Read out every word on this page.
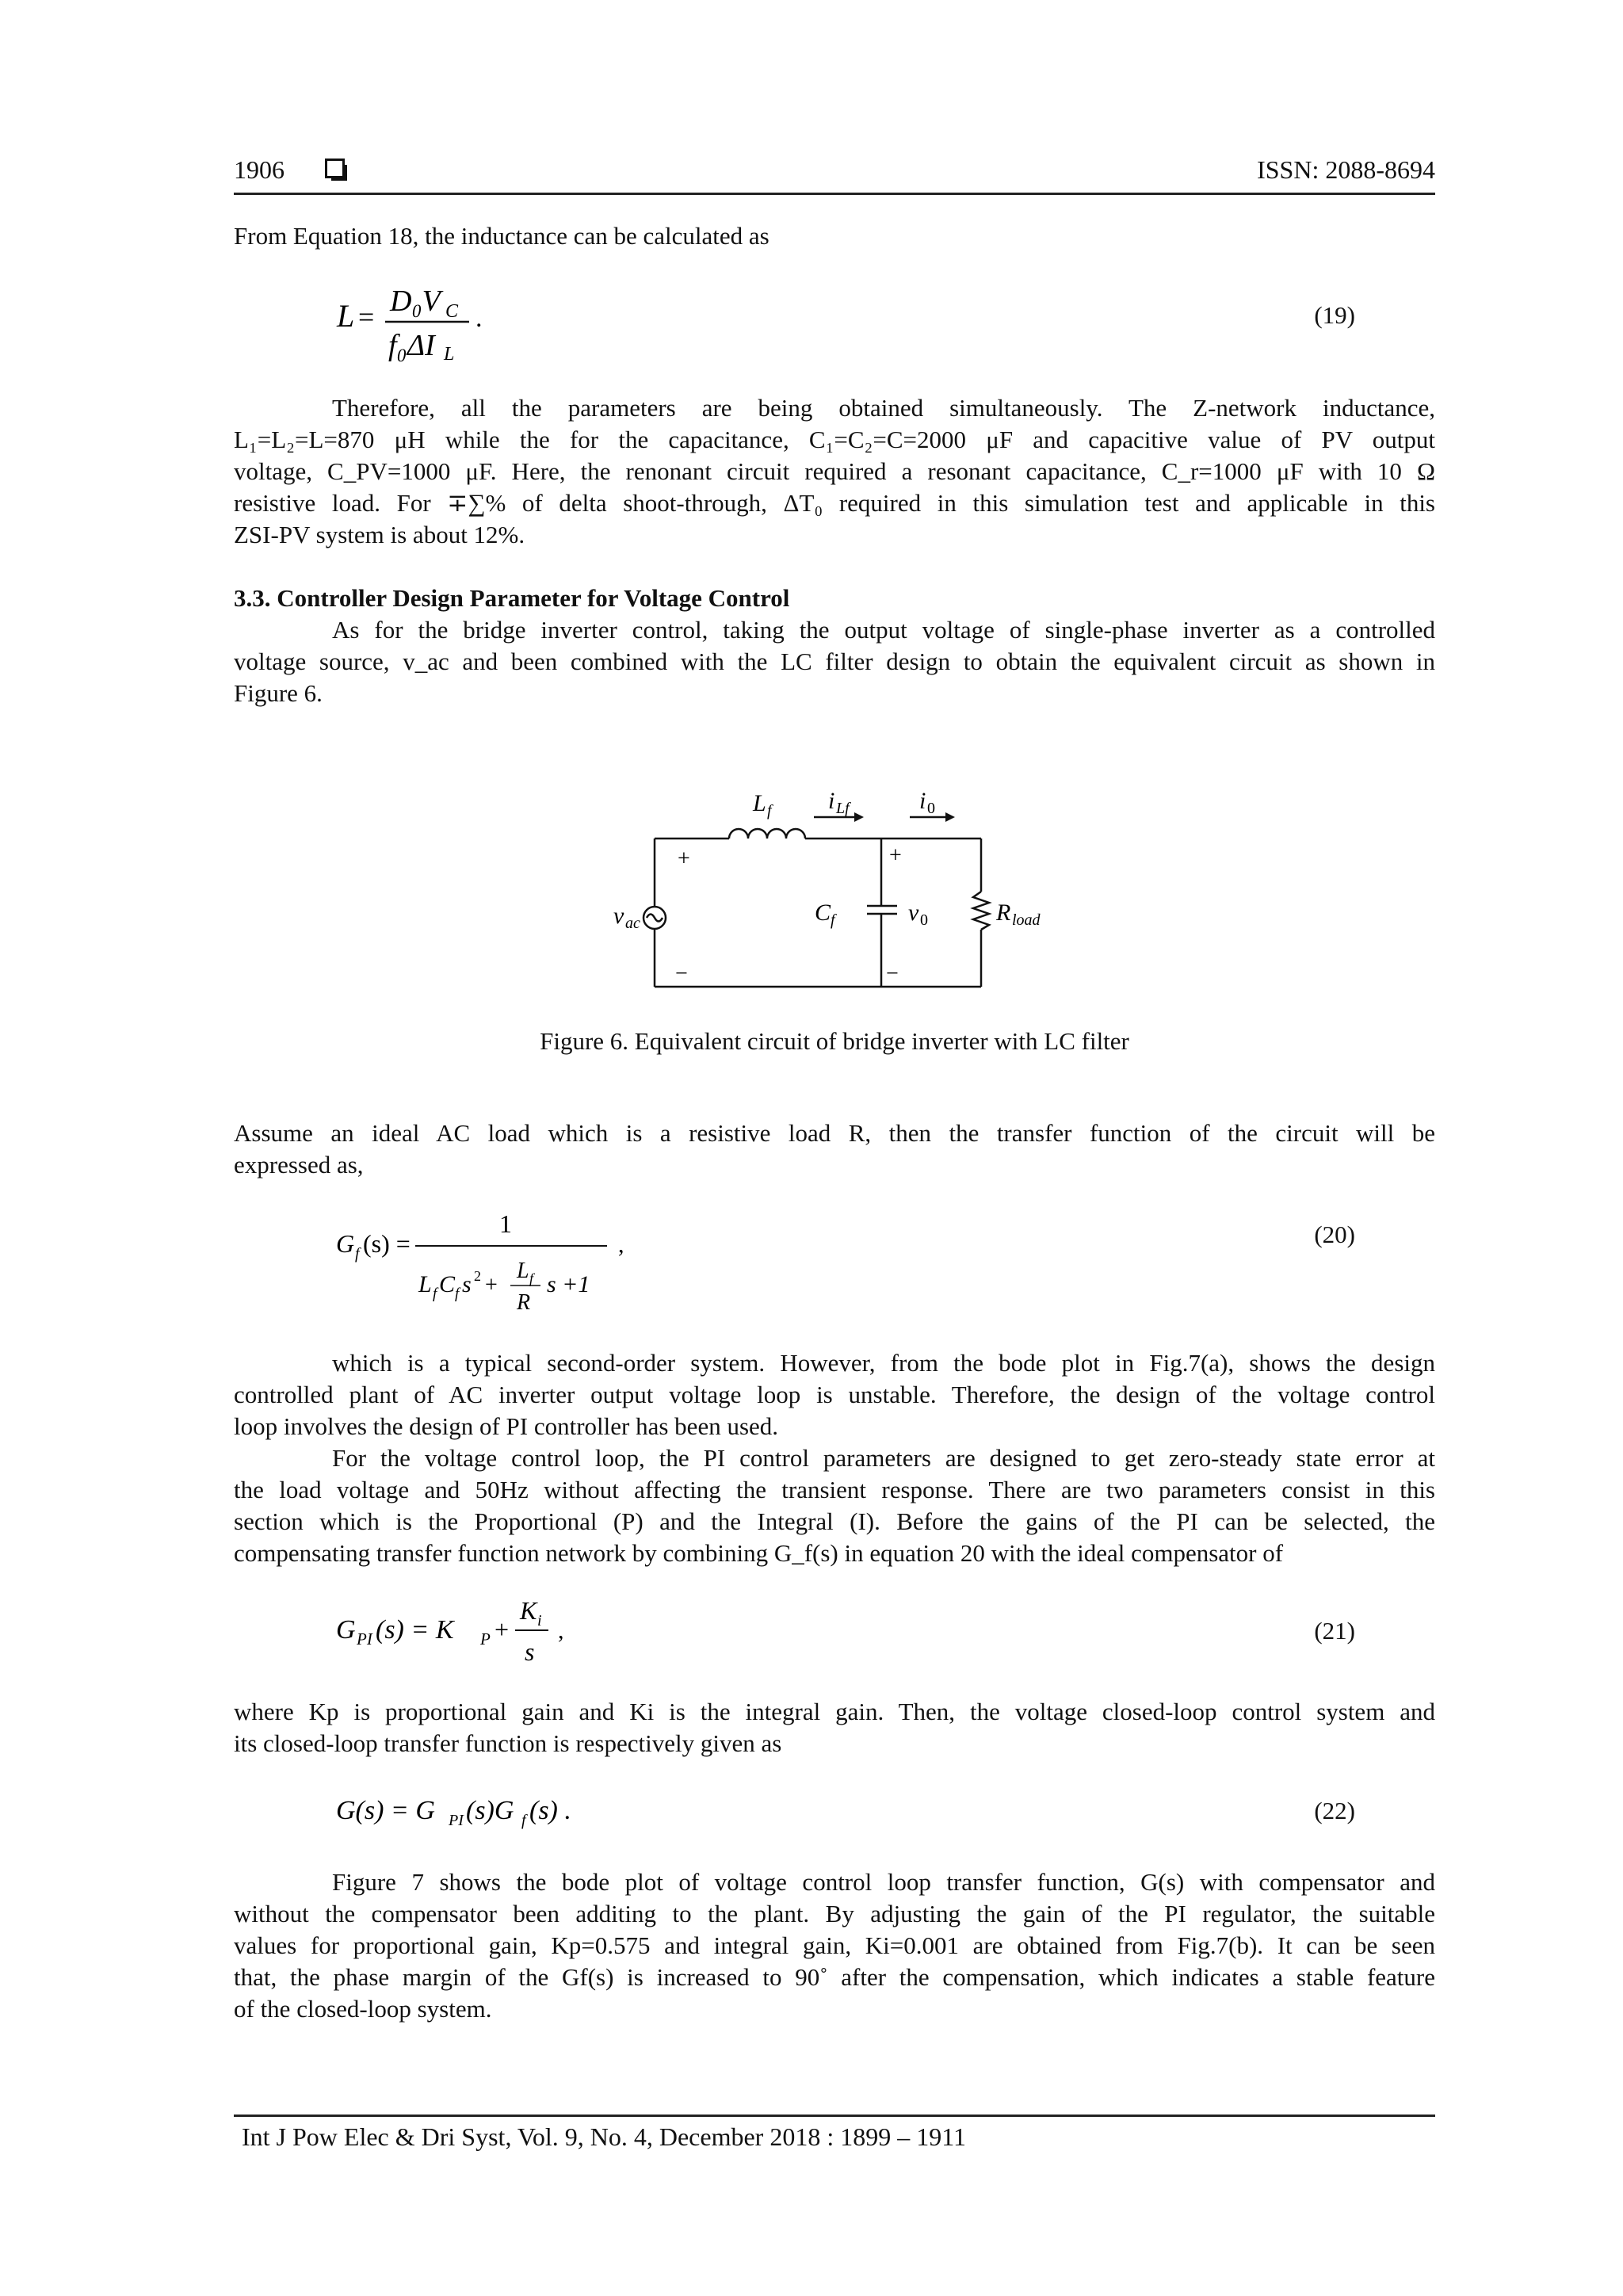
1906	ISSN: 2088-8694
From Equation 18, the inductance can be calculated as
L = D₀V C
f₀ΔI L
.	(19)

Therefore, all the parameters are being obtained simultaneously. The Z-network inductance,

L₁=L₂=L=870 μH while the for the capacitance, C₁=C₂=C=2000 μF and capacitive value of PV output

voltage, C_PV=1000 μF. Here, the renonant circuit required a resonant capacitance, C_r=1000 μF with 10 Ω

resistive load. For ∓∑% of delta shoot-through, ΔT₀ required in this simulation test and applicable in this

ZSI-PV system is about 12%.

3.3. Controller Design Parameter for Voltage Control

As for the bridge inverter control, taking the output voltage of single-phase inverter as a controlled

voltage source, v_ac and been combined with the LC filter design to obtain the equivalent circuit as shown in

Figure 6.

L f i Lf	i 0
+	+
−	−
v ac	C f	v 0	R load
Figure 6. Equivalent circuit of bridge inverter with LC filter

Assume an ideal AC load which is a resistive load R, then the transfer function of the circuit will be

expressed as,

G f (s) =
1
L f C f s 2 +
L f
R
s +1
,	(20)

which is a typical second-order system. However, from the bode plot in Fig.7(a), shows the design

controlled plant of AC inverter output voltage loop is unstable. Therefore, the design of the voltage control

loop involves the design of PI controller has been used.

For the voltage control loop, the PI control parameters are designed to get zero-steady state error at

the load voltage and 50Hz without affecting the transient response. There are two parameters consist in this

section which is the Proportional (P) and the Integral (I). Before the gains of the PI can be selected, the

compensating transfer function network by combining G_f(s) in equation 20 with the ideal compensator of

G PI (s) = K P +
K i
s
,	(21)

where Kp is proportional gain and Ki is the integral gain. Then, the voltage closed-loop control system and

its closed-loop transfer function is respectively given as

G(s) = G PI (s)G f (s) .	(22)

Figure 7 shows the bode plot of voltage control loop transfer function, G(s) with compensator and

without the compensator been additing to the plant. By adjusting the gain of the PI regulator, the suitable

values for proportional gain, Kp=0.575 and integral gain, Ki=0.001 are obtained from Fig.7(b). It can be seen

that, the phase margin of the Gf(s) is increased to 90˚ after the compensation, which indicates a stable feature

of the closed-loop system.

Int J Pow Elec & Dri Syst, Vol. 9, No. 4, December 2018 : 1899 – 1911
